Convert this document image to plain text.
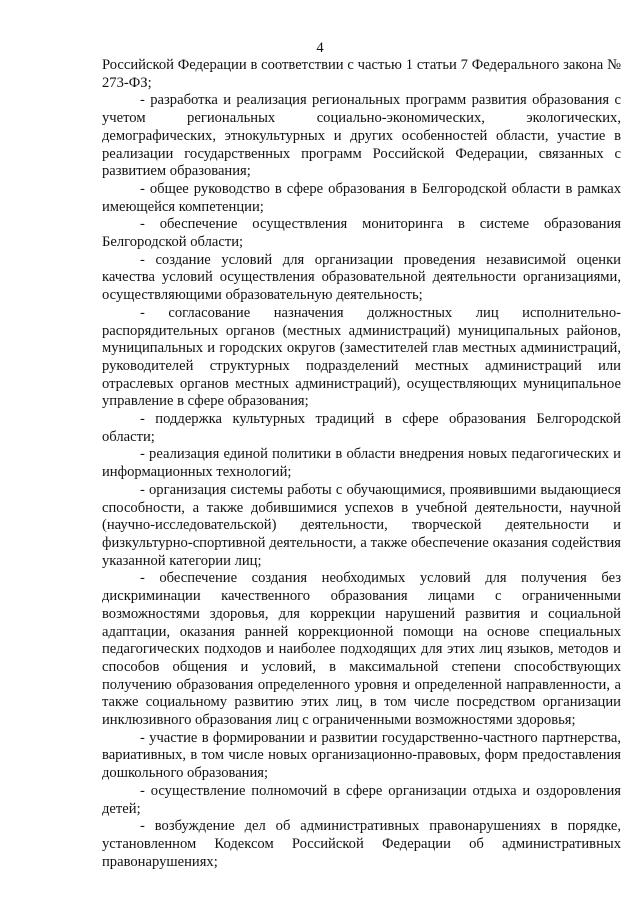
4

Российской Федерации в соответствии с частью 1 статьи 7 Федерального закона № 273-ФЗ;

- разработка и реализация региональных программ развития образования с учетом региональных социально-экономических, экологических, демографических, этнокультурных и других особенностей области, участие в реализации государственных программ Российской Федерации, связанных с развитием образования;

- общее руководство в сфере образования в Белгородской области в рамках имеющейся компетенции;

- обеспечение осуществления мониторинга в системе образования Белгородской области;

- создание условий для организации проведения независимой оценки качества условий осуществления образовательной деятельности организациями, осуществляющими образовательную деятельность;

- согласование назначения должностных лиц исполнительно-распорядительных органов (местных администраций) муниципальных районов, муниципальных и городских округов (заместителей глав местных администраций, руководителей структурных подразделений местных администраций или отраслевых органов местных администраций), осуществляющих муниципальное управление в сфере образования;

- поддержка культурных традиций в сфере образования Белгородской области;

- реализация единой политики в области внедрения новых педагогических и информационных технологий;

- организация системы работы с обучающимися, проявившими выдающиеся способности, а также добившимися успехов в учебной деятельности, научной (научно-исследовательской) деятельности, творческой деятельности и физкультурно-спортивной деятельности, а также обеспечение оказания содействия указанной категории лиц;

- обеспечение создания необходимых условий для получения без дискриминации качественного образования лицами с ограниченными возможностями здоровья, для коррекции нарушений развития и социальной адаптации, оказания ранней коррекционной помощи на основе специальных педагогических подходов и наиболее подходящих для этих лиц языков, методов и способов общения и условий, в максимальной степени способствующих получению образования определенного уровня и определенной направленности, а также социальному развитию этих лиц, в том числе посредством организации инклюзивного образования лиц с ограниченными возможностями здоровья;

- участие в формировании и развитии государственно-частного партнерства, вариативных, в том числе новых организационно-правовых, форм предоставления дошкольного образования;

- осуществление полномочий в сфере организации отдыха и оздоровления детей;

- возбуждение дел об административных правонарушениях в порядке, установленном Кодексом Российской Федерации об административных правонарушениях;
